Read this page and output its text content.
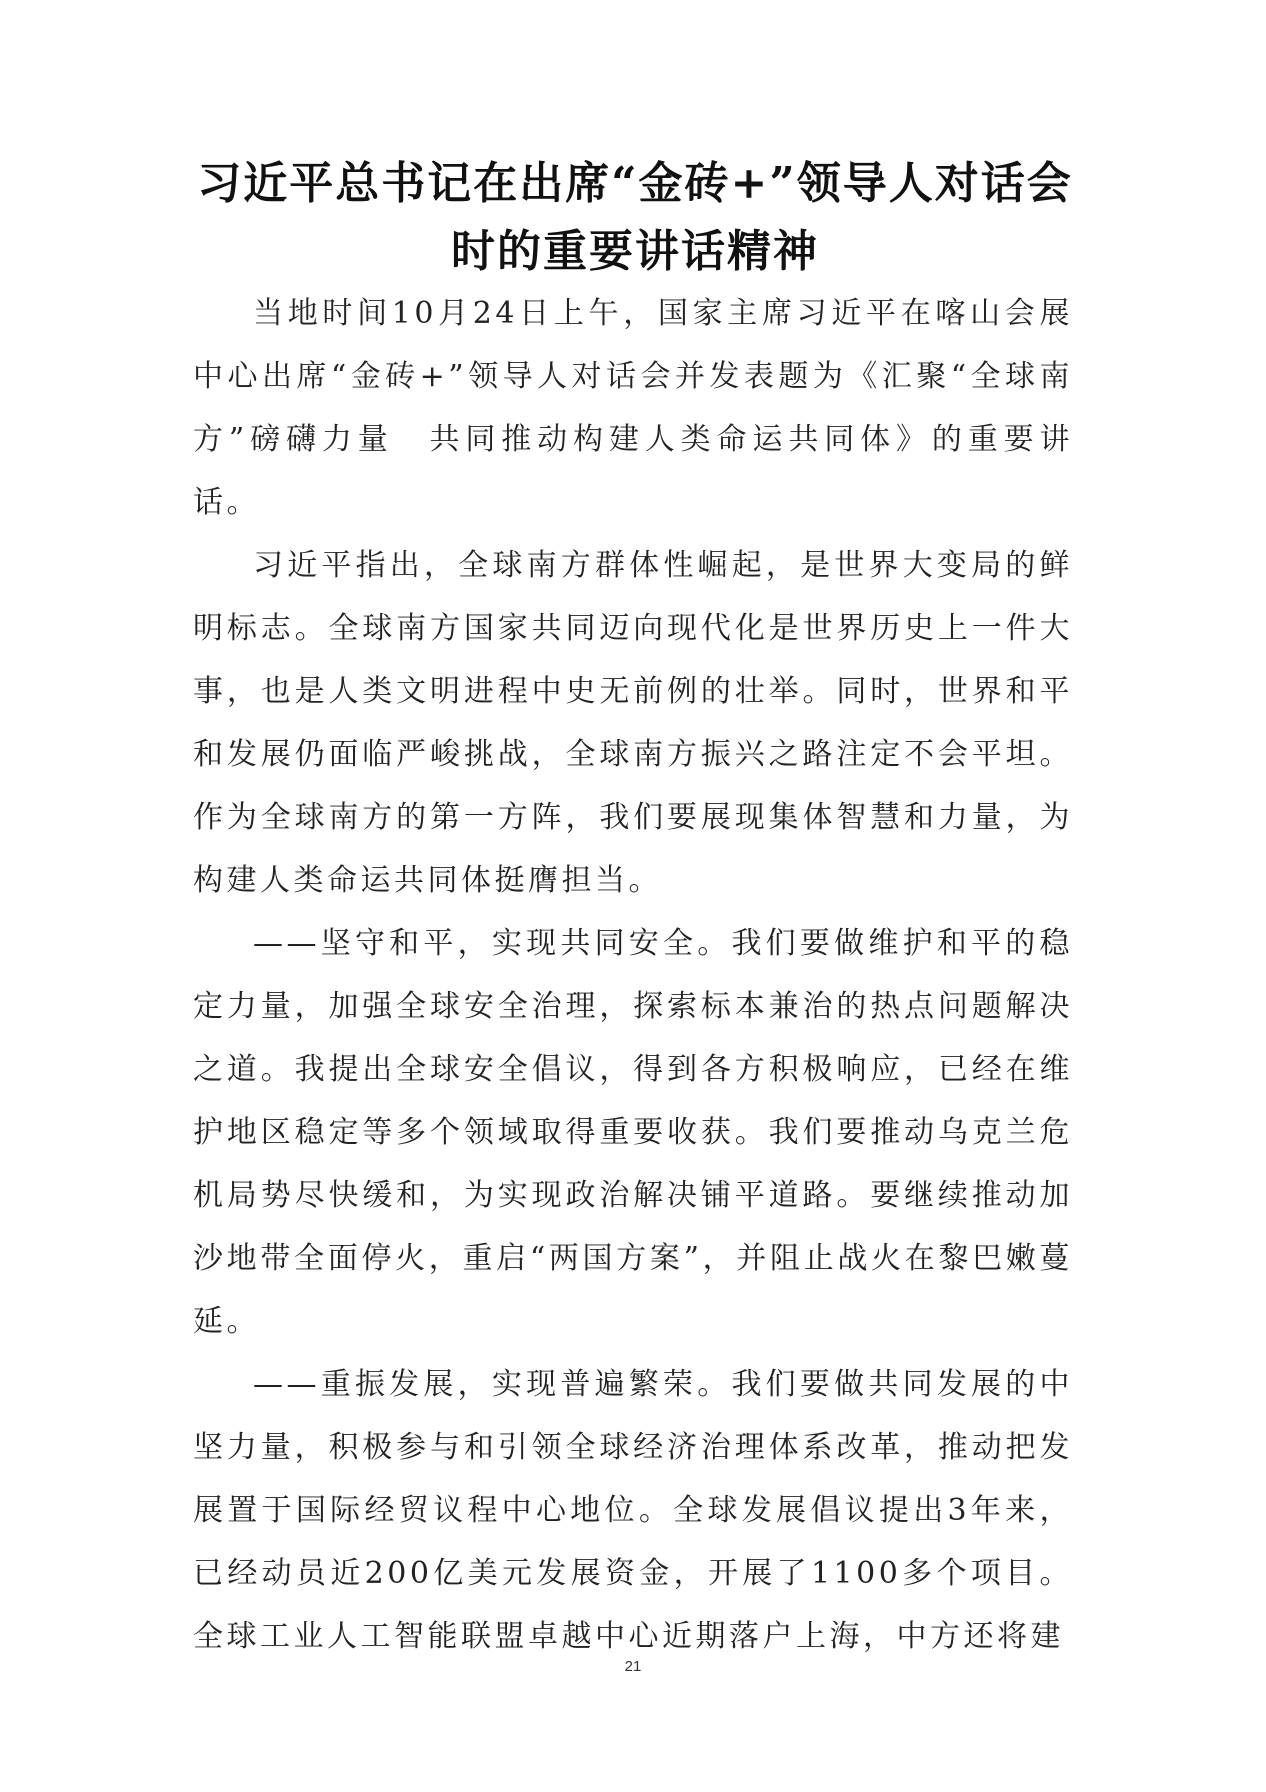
习近平总书记在出席“金砖+”领导人对话会时的重要讲话精神

当地时间10月24日上午，国家主席习近平在喀山会展中心出席“金砖+”领导人对话会并发表题为《汇聚“全球南方”磅礴力量　共同推动构建人类命运共同体》的重要讲话。

习近平指出，全球南方群体性崛起，是世界大变局的鲜明标志。全球南方国家共同迈向现代化是世界历史上一件大事，也是人类文明进程中史无前例的壮举。同时，世界和平和发展仍面临严峻挑战，全球南方振兴之路注定不会平坦。作为全球南方的第一方阵，我们要展现集体智慧和力量，为构建人类命运共同体挺膺担当。

——坚守和平，实现共同安全。我们要做维护和平的稳定力量，加强全球安全治理，探索标本兼治的热点问题解决之道。我提出全球安全倡议，得到各方积极响应，已经在维护地区稳定等多个领域取得重要收获。我们要推动乌克兰危机局势尽快缓和，为实现政治解决铺平道路。要继续推动加沙地带全面停火，重启“两国方案”，并阻止战火在黎巴嫩蔓延。

——重振发展，实现普遍繁荣。我们要做共同发展的中坚力量，积极参与和引领全球经济治理体系改革，推动把发展置于国际经贸议程中心地位。全球发展倡议提出3年来，已经动员近200亿美元发展资金，开展了1100多个项目。全球工业人工智能联盟卓越中心近期落户上海，中方还将建

21
